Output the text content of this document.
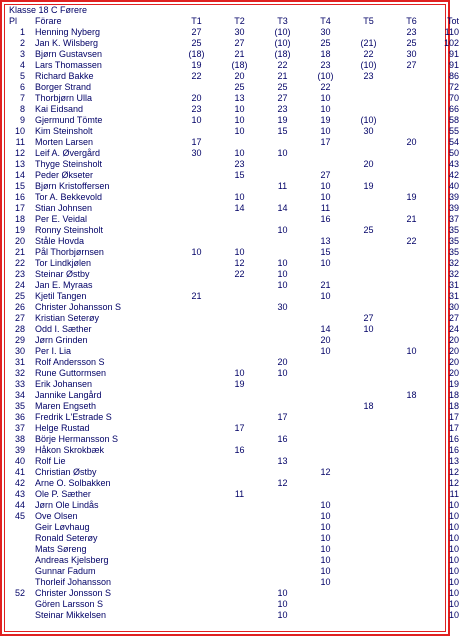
Klasse 18 C Førere
Pl	Förare	T1	T2	T3	T4	T5	T6	Tot
1	Henning Nyberg	27	30	(10)	30		23	110
2	Jan K. Wilsberg	25	27	(10)	25	(21)	25	102
3	Bjørn Gustavsen	(18)	21	(18)	18	22	30	91
4	Lars Thomassen	19	(18)	22	23	(10)	27	91
5	Richard Bakke	22	20	21	(10)	23		86
6	Borger Strand		25	25	22			72
7	Thorbjørn Ulla	20	13	27	10			70
8	Kai Eidsand	23	10	23	10			66
9	Gjermund Tömte	10	10	19	19	(10)		58
10	Kim Steinsholt		10	15	10	30		55
11	Morten Larsen	17			17		20	54
12	Leif A. Øvergård	30	10	10				50
13	Thyge Steinsholt		23			20		43
14	Peder Økseter		15		27			42
15	Bjørn Kristoffersen			11	10	19		40
16	Tor A. Bekkevold		10		10		19	39
17	Stian Johnsen		14	14	11			39
18	Per E. Veidal				16		21	37
19	Ronny Steinsholt			10		25		35
20	Ståle Hovda				13		22	35
21	Pål Thorbjørnsen	10	10		15			35
22	Tor Lindkjølen		12	10	10			32
23	Steinar Østby		22	10				32
24	Jan E. Myraas			10	21			31
25	Kjetil Tangen	21			10			31
26	Christer Johansson S			30				30
27	Kristian Seterøy					27		27
28	Odd I. Sæther				14	10		24
29	Jørn Grinden				20			20
30	Per I. Lia				10		10	20
31	Rolf Andersson S			20				20
32	Rune Guttormsen		10	10				20
33	Erik Johansen		19					19
34	Jannike Langård						18	18
35	Maren Engseth					18		18
36	Fredrik L'Estrade S			17				17
37	Helge Rustad		17					17
38	Börje Hermansson S			16				16
39	Håkon Skrokbæk		16					16
40	Rolf Lie			13				13
41	Christian Østby				12			12
42	Arne O. Solbakken			12				12
43	Ole P. Sæther		11					11
44	Jørn Ole Lindås				10			10
45	Ove Olsen				10			10
	Geir Løvhaug				10			10
	Ronald Seterøy				10			10
	Mats Søreng				10			10
	Andreas Kjelsberg				10			10
	Gunnar Fadum				10			10
	Thorleif Johansson				10			10
52	Christer Jonsson S			10				10
	Gören Larsson S			10				10
	Steinar Mikkelsen			10				10
